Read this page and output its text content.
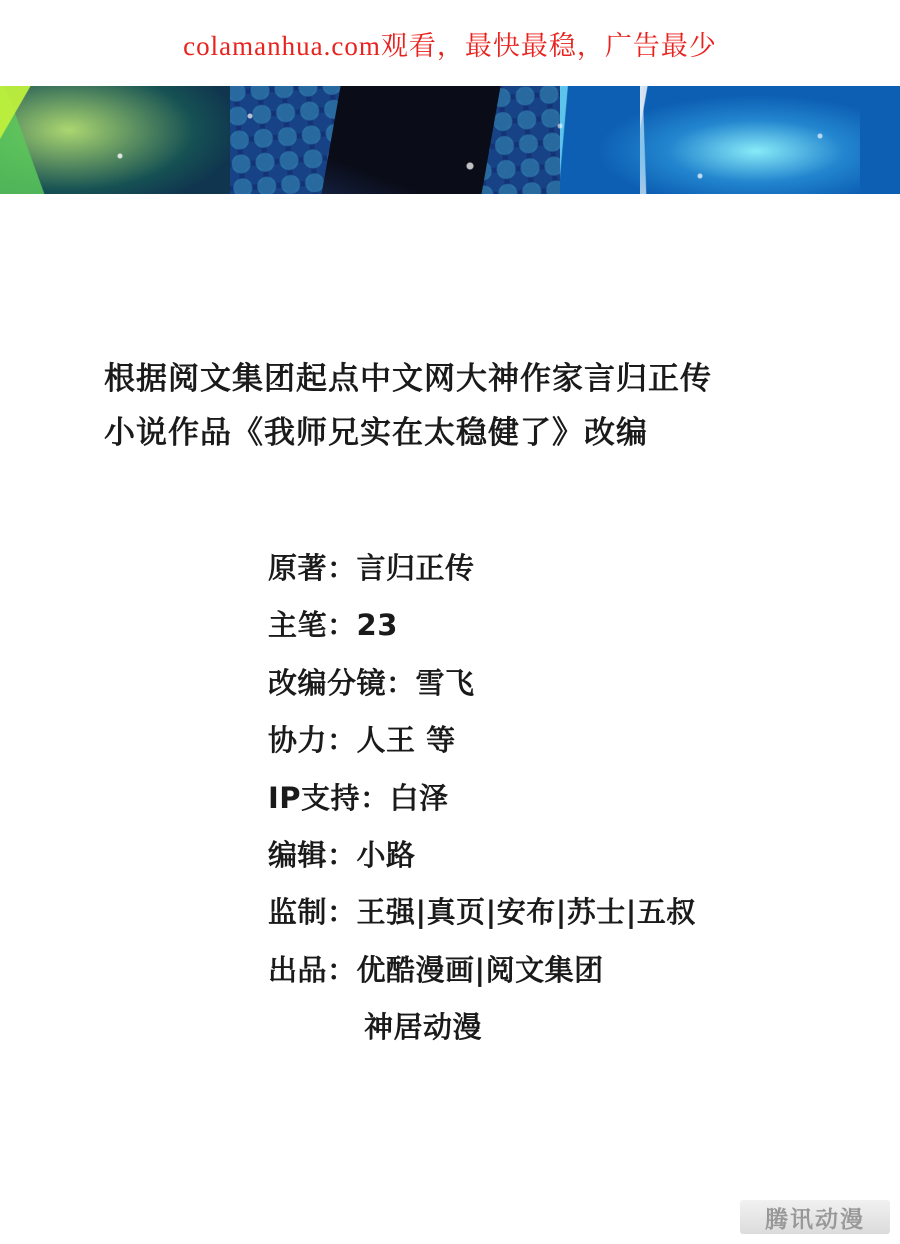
colamanhua.com观看，最快最稳，广告最少
根据阅文集团起点中文网大神作家言归正传
小说作品《我师兄实在太稳健了》改编
原著：言归正传
主笔：23
改编分镜：雪飞
协力：人王 等
IP支持：白泽
编辑：小路
监制：王强|真页|安布|苏士|五叔
出品：优酷漫画|阅文集团
神居动漫
腾讯动漫
